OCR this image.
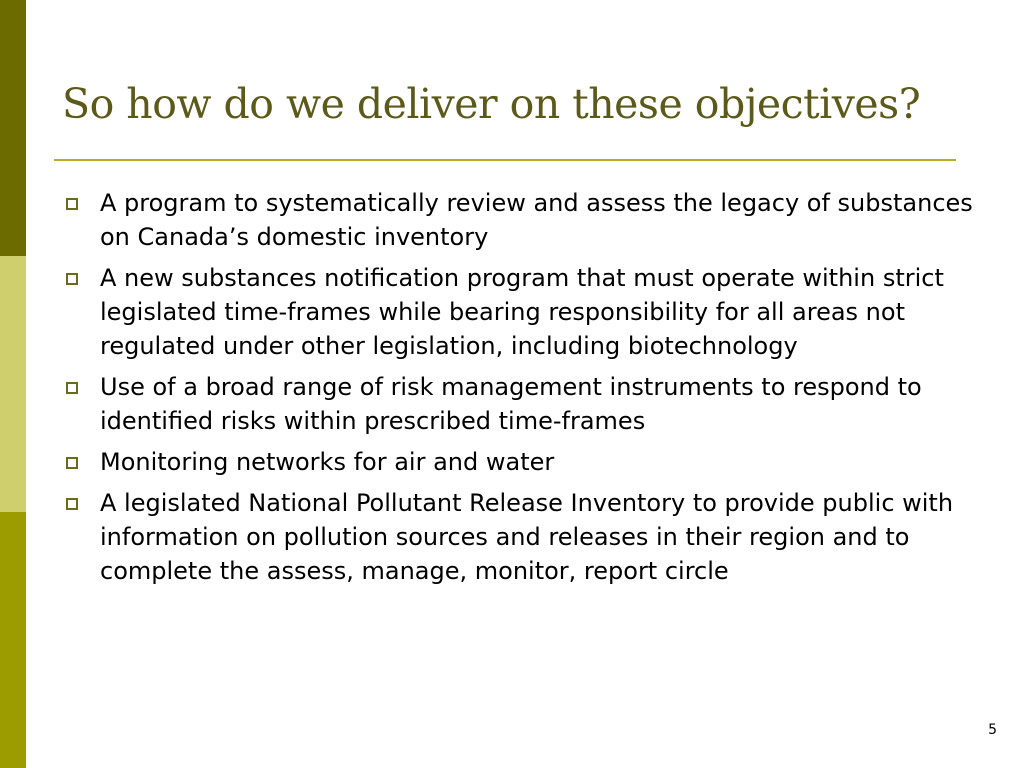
So how do we deliver on these objectives?
A program to systematically review and assess the legacy of substances on Canada’s domestic inventory
A new substances notification program that must operate within strict legislated time-frames while bearing responsibility for all areas not regulated under other legislation, including biotechnology
Use of a broad range of risk management instruments to respond to identified risks within prescribed time-frames
Monitoring networks for air and water
A legislated National Pollutant Release Inventory to provide public with information on pollution sources and releases in their region and to complete the assess, manage, monitor, report circle
5
